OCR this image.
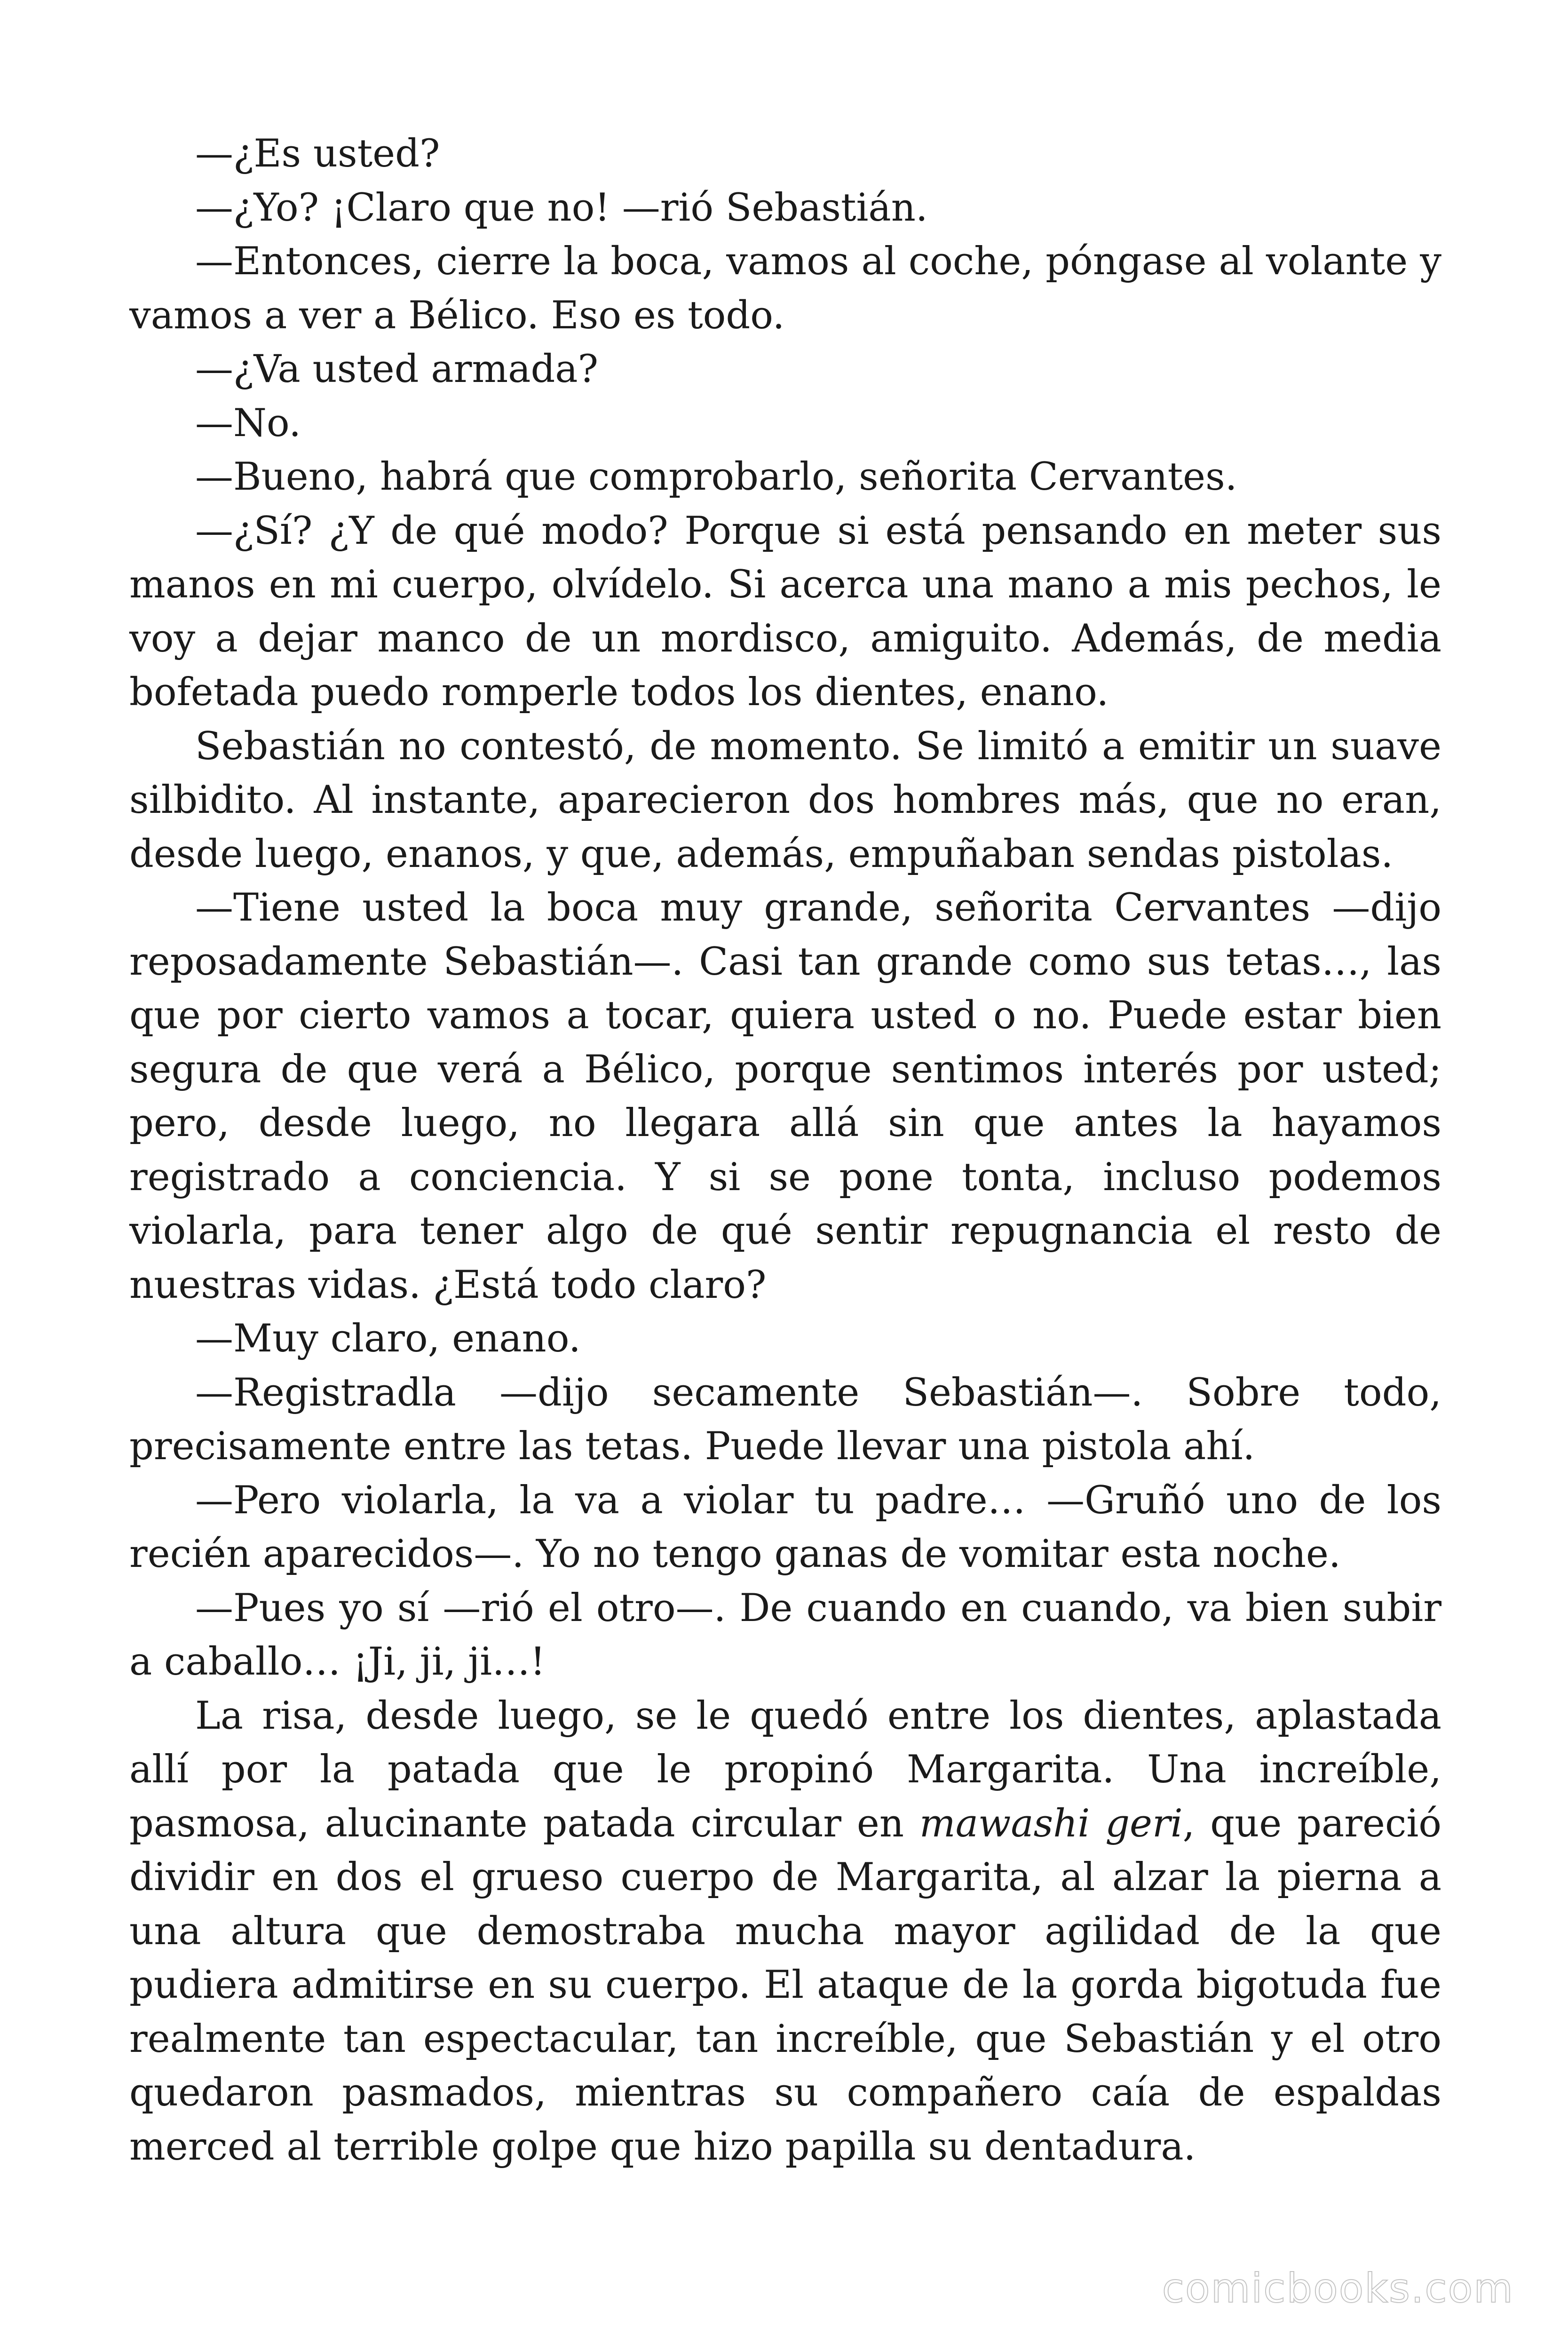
—¿Es usted?

—¿Yo? ¡Claro que no! —rió Sebastián.

—Entonces, cierre la boca, vamos al coche, póngase al volante y vamos a ver a Bélico. Eso es todo.

—¿Va usted armada?

—No.

—Bueno, habrá que comprobarlo, señorita Cervantes.

—¿Sí? ¿Y de qué modo? Porque si está pensando en meter sus manos en mi cuerpo, olvídelo. Si acerca una mano a mis pechos, le voy a dejar manco de un mordisco, amiguito. Además, de media bofetada puedo romperle todos los dientes, enano.

Sebastián no contestó, de momento. Se limitó a emitir un suave silbidito. Al instante, aparecieron dos hombres más, que no eran, desde luego, enanos, y que, además, empuñaban sendas pistolas.

—Tiene usted la boca muy grande, señorita Cervantes —dijo reposadamente Sebastián—. Casi tan grande como sus tetas…, las que por cierto vamos a tocar, quiera usted o no. Puede estar bien segura de que verá a Bélico, porque sentimos interés por usted; pero, desde luego, no llegara allá sin que antes la hayamos registrado a conciencia. Y si se pone tonta, incluso podemos violarla, para tener algo de qué sentir repugnancia el resto de nuestras vidas. ¿Está todo claro?

—Muy claro, enano.

—Registradla —dijo secamente Sebastián—. Sobre todo, precisamente entre las tetas. Puede llevar una pistola ahí.

—Pero violarla, la va a violar tu padre… —Gruñó uno de los recién aparecidos—. Yo no tengo ganas de vomitar esta noche.

—Pues yo sí —rió el otro—. De cuando en cuando, va bien subir a caballo… ¡Ji, ji, ji…!

La risa, desde luego, se le quedó entre los dientes, aplastada allí por la patada que le propinó Margarita. Una increíble, pasmosa, alucinante patada circular en mawashi geri, que pareció dividir en dos el grueso cuerpo de Margarita, al alzar la pierna a una altura que demostraba mucha mayor agilidad de la que pudiera admitirse en su cuerpo. El ataque de la gorda bigotuda fue realmente tan espectacular, tan increíble, que Sebastián y el otro quedaron pasmados, mientras su compañero caía de espaldas merced al terrible golpe que hizo papilla su dentadura.

comicbooks.com
